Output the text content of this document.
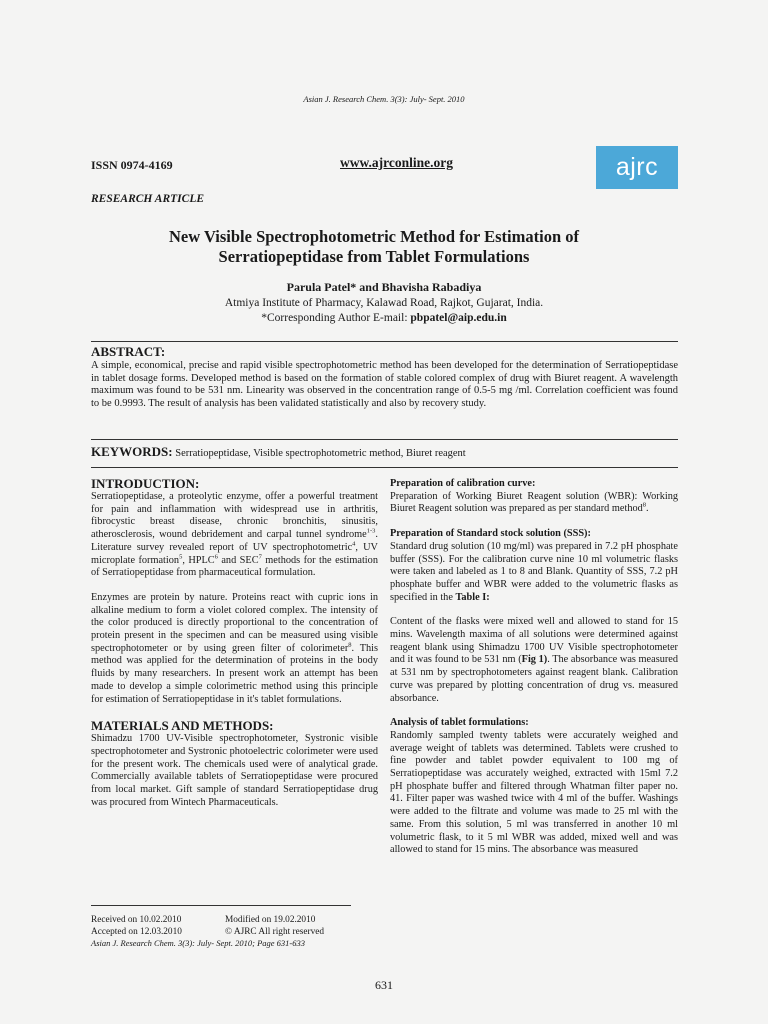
Asian J. Research Chem. 3(3): July- Sept. 2010
ISSN 0974-4169	www.ajrconline.org	ajrc
RESEARCH ARTICLE
New Visible Spectrophotometric Method for Estimation of
Serratiopeptidase from Tablet Formulations
Parula Patel* and Bhavisha Rabadiya
Atmiya Institute of Pharmacy, Kalawad Road, Rajkot, Gujarat, India.
*Corresponding Author E-mail: pbpatel@aip.edu.in
ABSTRACT:
A simple, economical, precise and rapid visible spectrophotometric method has been developed for the determination of Serratiopeptidase in tablet dosage forms. Developed method is based on the formation of stable colored complex of drug with Biuret reagent. A wavelength maximum was found to be 531 nm. Linearity was observed in the concentration range of 0.5-5 mg /ml. Correlation coefficient was found to be 0.9993. The result of analysis has been validated statistically and also by recovery study.
KEYWORDS: Serratiopeptidase, Visible spectrophotometric method, Biuret reagent

INTRODUCTION:

Serratiopeptidase, a proteolytic enzyme, offer a powerful treatment for pain and inflammation with widespread use in arthritis, fibrocystic breast disease, chronic bronchitis, sinusitis, atherosclerosis, wound debridement and carpal tunnel syndrome$^{1-3}$. Literature survey revealed report of UV spectrophotometric$^4$, UV microplate formation$^5$, HPLC$^6$ and SEC$^7$ methods for the estimation of Serratiopeptidase from pharmaceutical formulation.

Enzymes are protein by nature. Proteins react with cupric ions in alkaline medium to form a violet colored complex. The intensity of the color produced is directly proportional to the concentration of protein present in the specimen and can be measured using visible spectrophotometer or by using green filter of colorimeter$^8$. This method was applied for the determination of proteins in the body fluids by many researchers. In present work an attempt has been made to develop a simple colorimetric method using this principle for estimation of Serratiopeptidase in it's tablet formulations.

MATERIALS AND METHODS:

Shimadzu 1700 UV-Visible spectrophotometer, Systronic visible spectrophotometer and Systronic photoelectric colorimeter were used for the present work. The chemicals used were of analytical grade. Commercially available tablets of Serratiopeptidase were procured from local market. Gift sample of standard Serratiopeptidase drug was procured from Wintech Pharmaceuticals.

Received on 10.02.2010	Modified on 19.02.2010
Accepted on 12.03.2010	© AJRC All right reserved
Asian J. Research Chem. 3(3): July- Sept. 2010; Page 631-633

Preparation of calibration curve:

Preparation of Working Biuret Reagent solution (WBR): Working Biuret Reagent solution was prepared as per standard method$^8$.

Preparation of Standard stock solution (SSS):

Standard drug solution (10 mg/ml) was prepared in 7.2 pH phosphate buffer (SSS). For the calibration curve nine 10 ml volumetric flasks were taken and labeled as 1 to 8 and Blank. Quantity of SSS, 7.2 pH phosphate buffer and WBR were added to the volumetric flasks as specified in the Table I:

Content of the flasks were mixed well and allowed to stand for 15 mins. Wavelength maxima of all solutions were determined against reagent blank using Shimadzu 1700 UV Visible spectrophotometer and it was found to be 531 nm (Fig 1). The absorbance was measured at 531 nm by spectrophotometers against reagent blank. Calibration curve was prepared by plotting concentration of drug vs. measured absorbance.

Analysis of tablet formulations:

Randomly sampled twenty tablets were accurately weighed and average weight of tablets was determined. Tablets were crushed to fine powder and tablet powder equivalent to 100 mg of Serratiopeptidase was accurately weighed, extracted with 15ml 7.2 pH phosphate buffer and filtered through Whatman filter paper no. 41. Filter paper was washed twice with 4 ml of the buffer. Washings were added to the filtrate and volume was made to 25 ml with the same. From this solution, 5 ml was transferred in another 10 ml volumetric flask, to it 5 ml WBR was added, mixed well and was allowed to stand for 15 mins. The absorbance was measured

631
